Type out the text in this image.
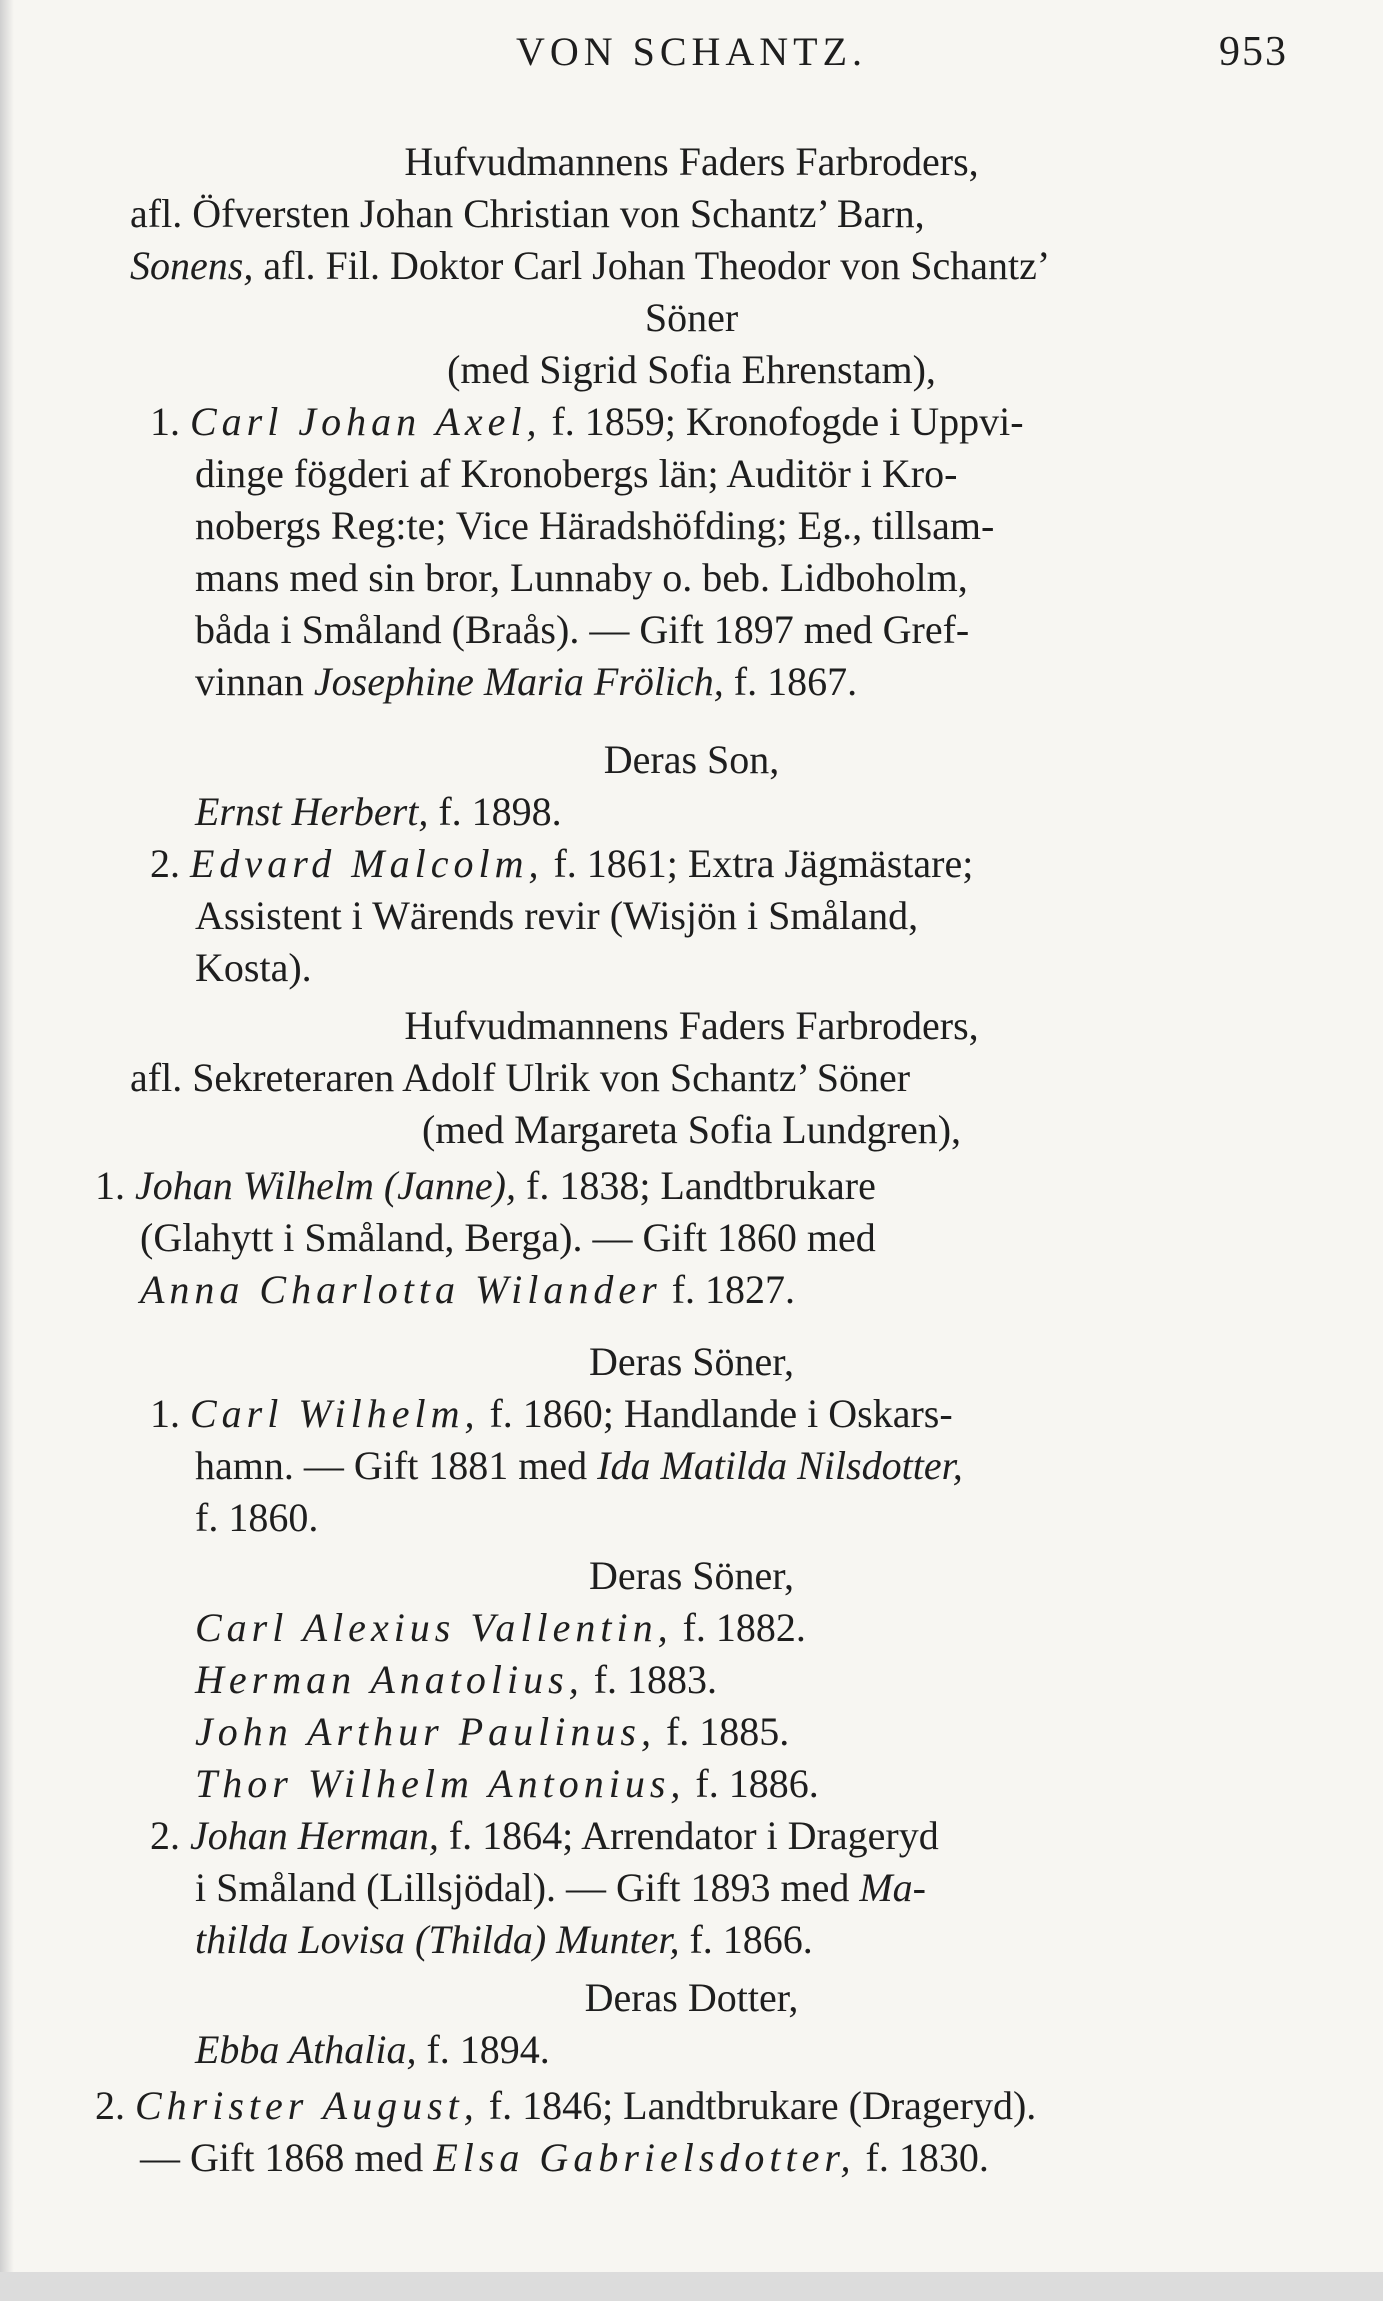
VON SCHANTZ.	953
Hufvudmannens Faders Farbroders,
afl. Öfversten Johan Christian von Schantz’ Barn,
Sonens, afl. Fil. Doktor Carl Johan Theodor von Schantz’
Söner
(med Sigrid Sofia Ehrenstam),
1. Carl Johan Axel, f. 1859; Kronofogde i Uppvi-
dinge fögderi af Kronobergs län; Auditör i Kro-
nobergs Reg:te; Vice Häradshöfding; Eg., tillsam-
mans med sin bror, Lunnaby o. beb. Lidboholm,
båda i Småland (Braås). — Gift 1897 med Gref-
vinnan Josephine Maria Frölich, f. 1867.
Deras Son,
Ernst Herbert, f. 1898.
2. Edvard Malcolm, f. 1861; Extra Jägmästare;
Assistent i Wärends revir (Wisjön i Småland,
Kosta).
Hufvudmannens Faders Farbroders,
afl. Sekreteraren Adolf Ulrik von Schantz’ Söner
(med Margareta Sofia Lundgren),
1. Johan Wilhelm (Janne), f. 1838; Landtbrukare
(Glahytt i Småland, Berga). — Gift 1860 med
Anna Charlotta Wilander f. 1827.
Deras Söner,
1. Carl Wilhelm, f. 1860; Handlande i Oskars-
hamn. — Gift 1881 med Ida Matilda Nilsdotter,
f. 1860.
Deras Söner,
Carl Alexius Vallentin, f. 1882.
Herman Anatolius, f. 1883.
John Arthur Paulinus, f. 1885.
Thor Wilhelm Antonius, f. 1886.
2. Johan Herman, f. 1864; Arrendator i Drageryd
i Småland (Lillsjödal). — Gift 1893 med Ma-
thilda Lovisa (Thilda) Munter, f. 1866.
Deras Dotter,
Ebba Athalia, f. 1894.
2. Christer August, f. 1846; Landtbrukare (Drageryd).
— Gift 1868 med Elsa Gabrielsdotter, f. 1830.
